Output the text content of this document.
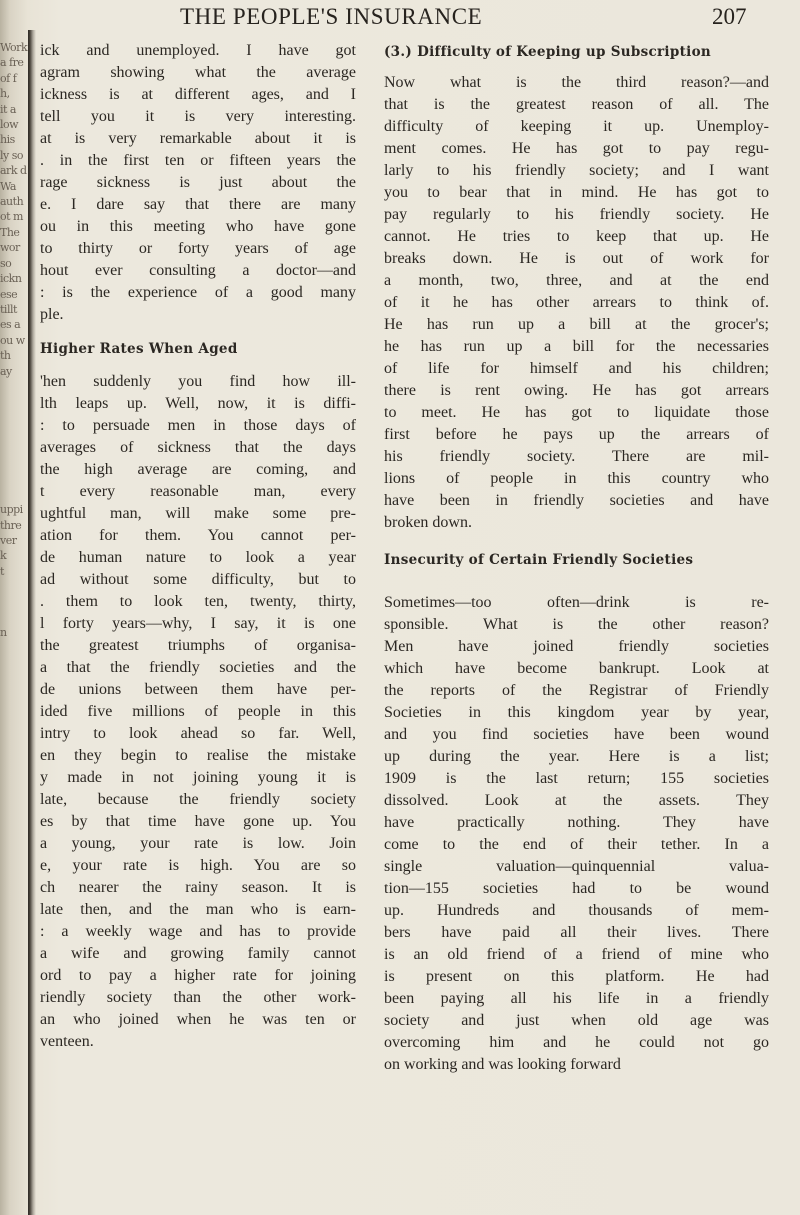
Work
a fre
of f
h,
it a
low
his
ly so
ark d
Wa
auth
ot m
The
wor
so
ickn
ese
tillt
es a
ou w
th
ay

uppi
thre
ver
k
t

n
THE PEOPLE'S INSURANCE	207
ick and unemployed. I have got
agram showing what the average
ickness is at different ages, and I
tell you it is very interesting.
at is very remarkable about it is
. in the first ten or fifteen years the
rage sickness is just about the
e. I dare say that there are many
ou in this meeting who have gone
to thirty or forty years of age
hout ever consulting a doctor—and
: is the experience of a good many
ple.
Higher Rates When Aged
'hen suddenly you find how ill-
lth leaps up. Well, now, it is diffi-
: to persuade men in those days of
averages of sickness that the days
the high average are coming, and
t every reasonable man, every
ughtful man, will make some pre-
ation for them. You cannot per-
de human nature to look a year
ad without some difficulty, but to
. them to look ten, twenty, thirty,
l forty years—why, I say, it is one
the greatest triumphs of organisa-
a that the friendly societies and the
de unions between them have per-
ided five millions of people in this
intry to look ahead so far. Well,
en they begin to realise the mistake
y made in not joining young it is
late, because the friendly society
es by that time have gone up. You
a young, your rate is low. Join
e, your rate is high. You are so
ch nearer the rainy season. It is
late then, and the man who is earn-
: a weekly wage and has to provide
a wife and growing family cannot
ord to pay a higher rate for joining
riendly society than the other work-
an who joined when he was ten or
venteen.
(3.) Difficulty of Keeping up Subscription
Now what is the third reason?—and
that is the greatest reason of all. The
difficulty of keeping it up. Unemploy-
ment comes. He has got to pay regu-
larly to his friendly society; and I want
you to bear that in mind. He has got to
pay regularly to his friendly society. He
cannot. He tries to keep that up. He
breaks down. He is out of work for
a month, two, three, and at the end
of it he has other arrears to think of.
He has run up a bill at the grocer's;
he has run up a bill for the necessaries
of life for himself and his children;
there is rent owing. He has got arrears
to meet. He has got to liquidate those
first before he pays up the arrears of
his friendly society. There are mil-
lions of people in this country who
have been in friendly societies and have
broken down.
Insecurity of Certain Friendly Societies
Sometimes—too often—drink is re-
sponsible. What is the other reason?
Men have joined friendly societies
which have become bankrupt. Look at
the reports of the Registrar of Friendly
Societies in this kingdom year by year,
and you find societies have been wound
up during the year. Here is a list;
1909 is the last return; 155 societies
dissolved. Look at the assets. They
have practically nothing. They have
come to the end of their tether. In a
single valuation—quinquennial valua-
tion—155 societies had to be wound
up. Hundreds and thousands of mem-
bers have paid all their lives. There
is an old friend of a friend of mine who
is present on this platform. He had
been paying all his life in a friendly
society and just when old age was
overcoming him and he could not go
on working and was looking forward
